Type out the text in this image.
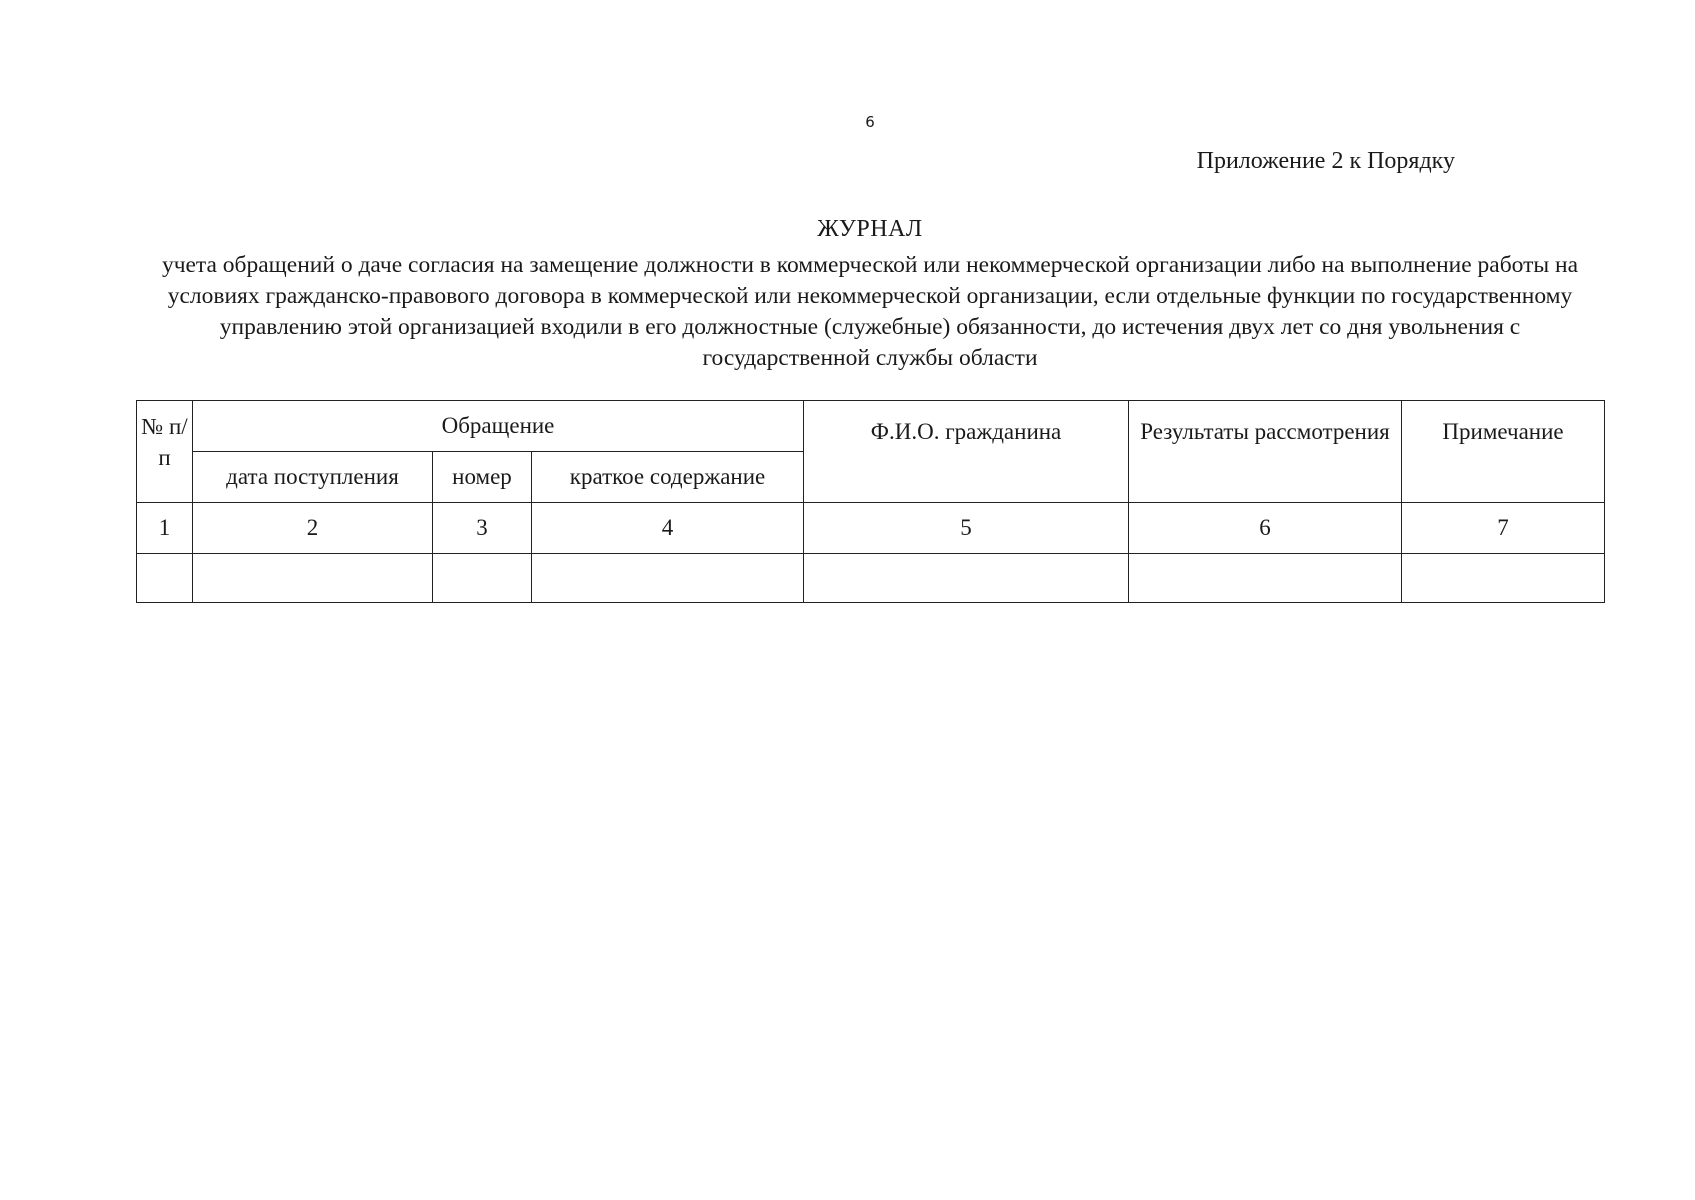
6
Приложение 2 к Порядку
ЖУРНАЛ
учета обращений о даче согласия на замещение должности в коммерческой или некоммерческой организации либо на выполнение работы на условиях гражданско-правового договора в коммерческой или некоммерческой организации, если отдельные функции по государственному управлению этой организацией входили в его должностные (служебные) обязанности, до истечения двух лет со дня увольнения с государственной службы области
№ п/п	Обращение			Ф.И.О. гражданина	Результаты рассмотрения	Примечание
	дата поступления	номер	краткое содержание			
1	2	3	4	5	6	7
